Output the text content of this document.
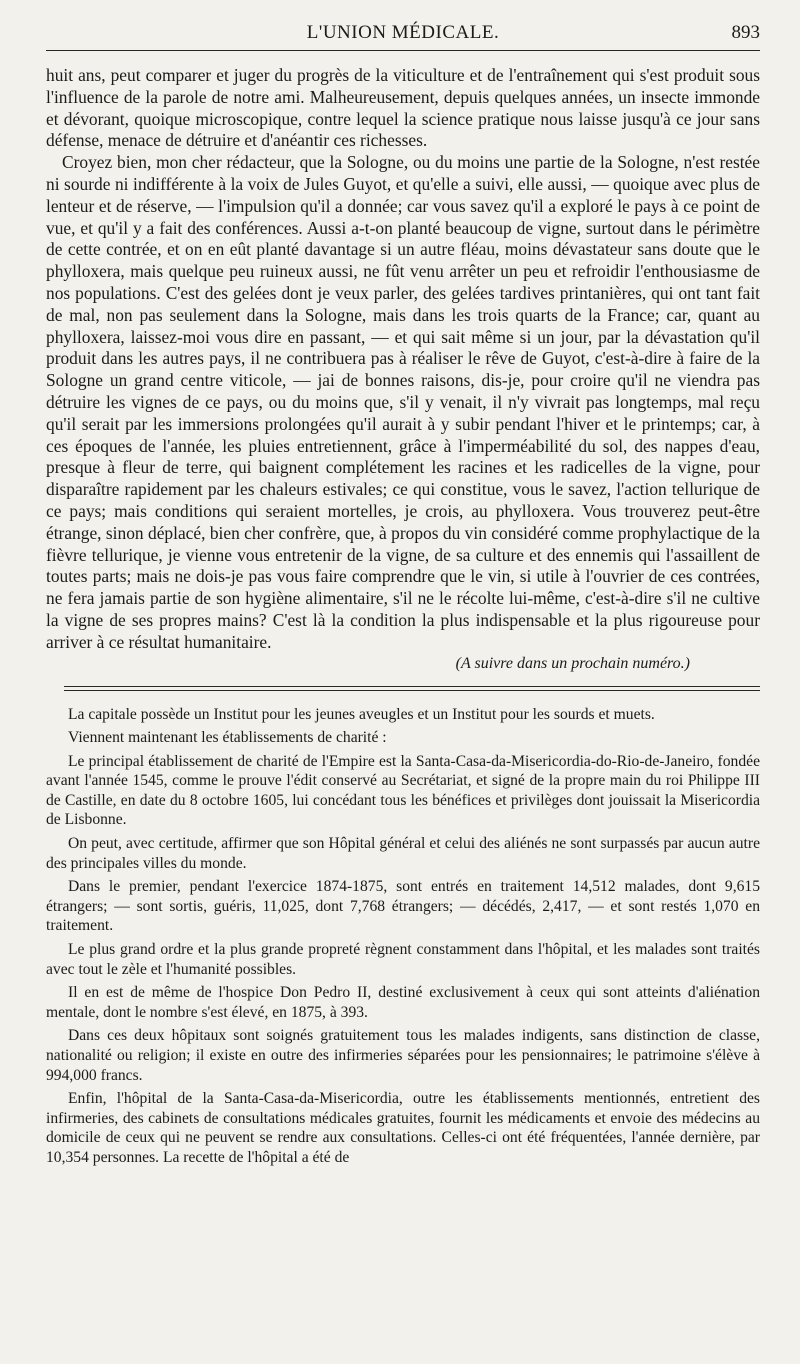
L'UNION MÉDICALE.	893

huit ans, peut comparer et juger du progrès de la viticulture et de l'entraînement qui s'est produit sous l'influence de la parole de notre ami. Malheureusement, depuis quelques années, un insecte immonde et dévorant, quoique microscopique, contre lequel la science pratique nous laisse jusqu'à ce jour sans défense, menace de détruire et d'anéantir ces richesses.

Croyez bien, mon cher rédacteur, que la Sologne, ou du moins une partie de la Sologne, n'est restée ni sourde ni indifférente à la voix de Jules Guyot, et qu'elle a suivi, elle aussi, — quoique avec plus de lenteur et de réserve, — l'impulsion qu'il a donnée; car vous savez qu'il a exploré le pays à ce point de vue, et qu'il y a fait des conférences. Aussi a-t-on planté beaucoup de vigne, surtout dans le périmètre de cette contrée, et on en eût planté davantage si un autre fléau, moins dévastateur sans doute que le phylloxera, mais quelque peu ruineux aussi, ne fût venu arrêter un peu et refroidir l'enthousiasme de nos populations. C'est des gelées dont je veux parler, des gelées tardives printanières, qui ont tant fait de mal, non pas seulement dans la Sologne, mais dans les trois quarts de la France; car, quant au phylloxera, laissez-moi vous dire en passant, — et qui sait même si un jour, par la dévastation qu'il produit dans les autres pays, il ne contribuera pas à réaliser le rêve de Guyot, c'est-à-dire à faire de la Sologne un grand centre viticole, — jai de bonnes raisons, dis-je, pour croire qu'il ne viendra pas détruire les vignes de ce pays, ou du moins que, s'il y venait, il n'y vivrait pas longtemps, mal reçu qu'il serait par les immersions prolongées qu'il aurait à y subir pendant l'hiver et le printemps; car, à ces époques de l'année, les pluies entretiennent, grâce à l'imperméabilité du sol, des nappes d'eau, presque à fleur de terre, qui baignent complétement les racines et les radicelles de la vigne, pour disparaître rapidement par les chaleurs estivales; ce qui constitue, vous le savez, l'action tellurique de ce pays; mais conditions qui seraient mortelles, je crois, au phylloxera. Vous trouverez peut-être étrange, sinon déplacé, bien cher confrère, que, à propos du vin considéré comme prophylactique de la fièvre tellurique, je vienne vous entretenir de la vigne, de sa culture et des ennemis qui l'assaillent de toutes parts; mais ne dois-je pas vous faire comprendre que le vin, si utile à l'ouvrier de ces contrées, ne fera jamais partie de son hygiène alimentaire, s'il ne le récolte lui-même, c'est-à-dire s'il ne cultive la vigne de ses propres mains? C'est là la condition la plus indispensable et la plus rigoureuse pour arriver à ce résultat humanitaire.

(A suivre dans un prochain numéro.)

La capitale possède un Institut pour les jeunes aveugles et un Institut pour les sourds et muets.

Viennent maintenant les établissements de charité :

Le principal établissement de charité de l'Empire est la Santa-Casa-da-Misericordia-do-Rio-de-Janeiro, fondée avant l'année 1545, comme le prouve l'édit conservé au Secrétariat, et signé de la propre main du roi Philippe III de Castille, en date du 8 octobre 1605, lui concédant tous les bénéfices et privilèges dont jouissait la Misericordia de Lisbonne.

On peut, avec certitude, affirmer que son Hôpital général et celui des aliénés ne sont surpassés par aucun autre des principales villes du monde.

Dans le premier, pendant l'exercice 1874-1875, sont entrés en traitement 14,512 malades, dont 9,615 étrangers; — sont sortis, guéris, 11,025, dont 7,768 étrangers; — décédés, 2,417, — et sont restés 1,070 en traitement.

Le plus grand ordre et la plus grande propreté règnent constamment dans l'hôpital, et les malades sont traités avec tout le zèle et l'humanité possibles.

Il en est de même de l'hospice Don Pedro II, destiné exclusivement à ceux qui sont atteints d'aliénation mentale, dont le nombre s'est élevé, en 1875, à 393.

Dans ces deux hôpitaux sont soignés gratuitement tous les malades indigents, sans distinction de classe, nationalité ou religion; il existe en outre des infirmeries séparées pour les pensionnaires; le patrimoine s'élève à 994,000 francs.

Enfin, l'hôpital de la Santa-Casa-da-Misericordia, outre les établissements mentionnés, entretient des infirmeries, des cabinets de consultations médicales gratuites, fournit les médicaments et envoie des médecins au domicile de ceux qui ne peuvent se rendre aux consultations. Celles-ci ont été fréquentées, l'année dernière, par 10,354 personnes. La recette de l'hôpital a été de
